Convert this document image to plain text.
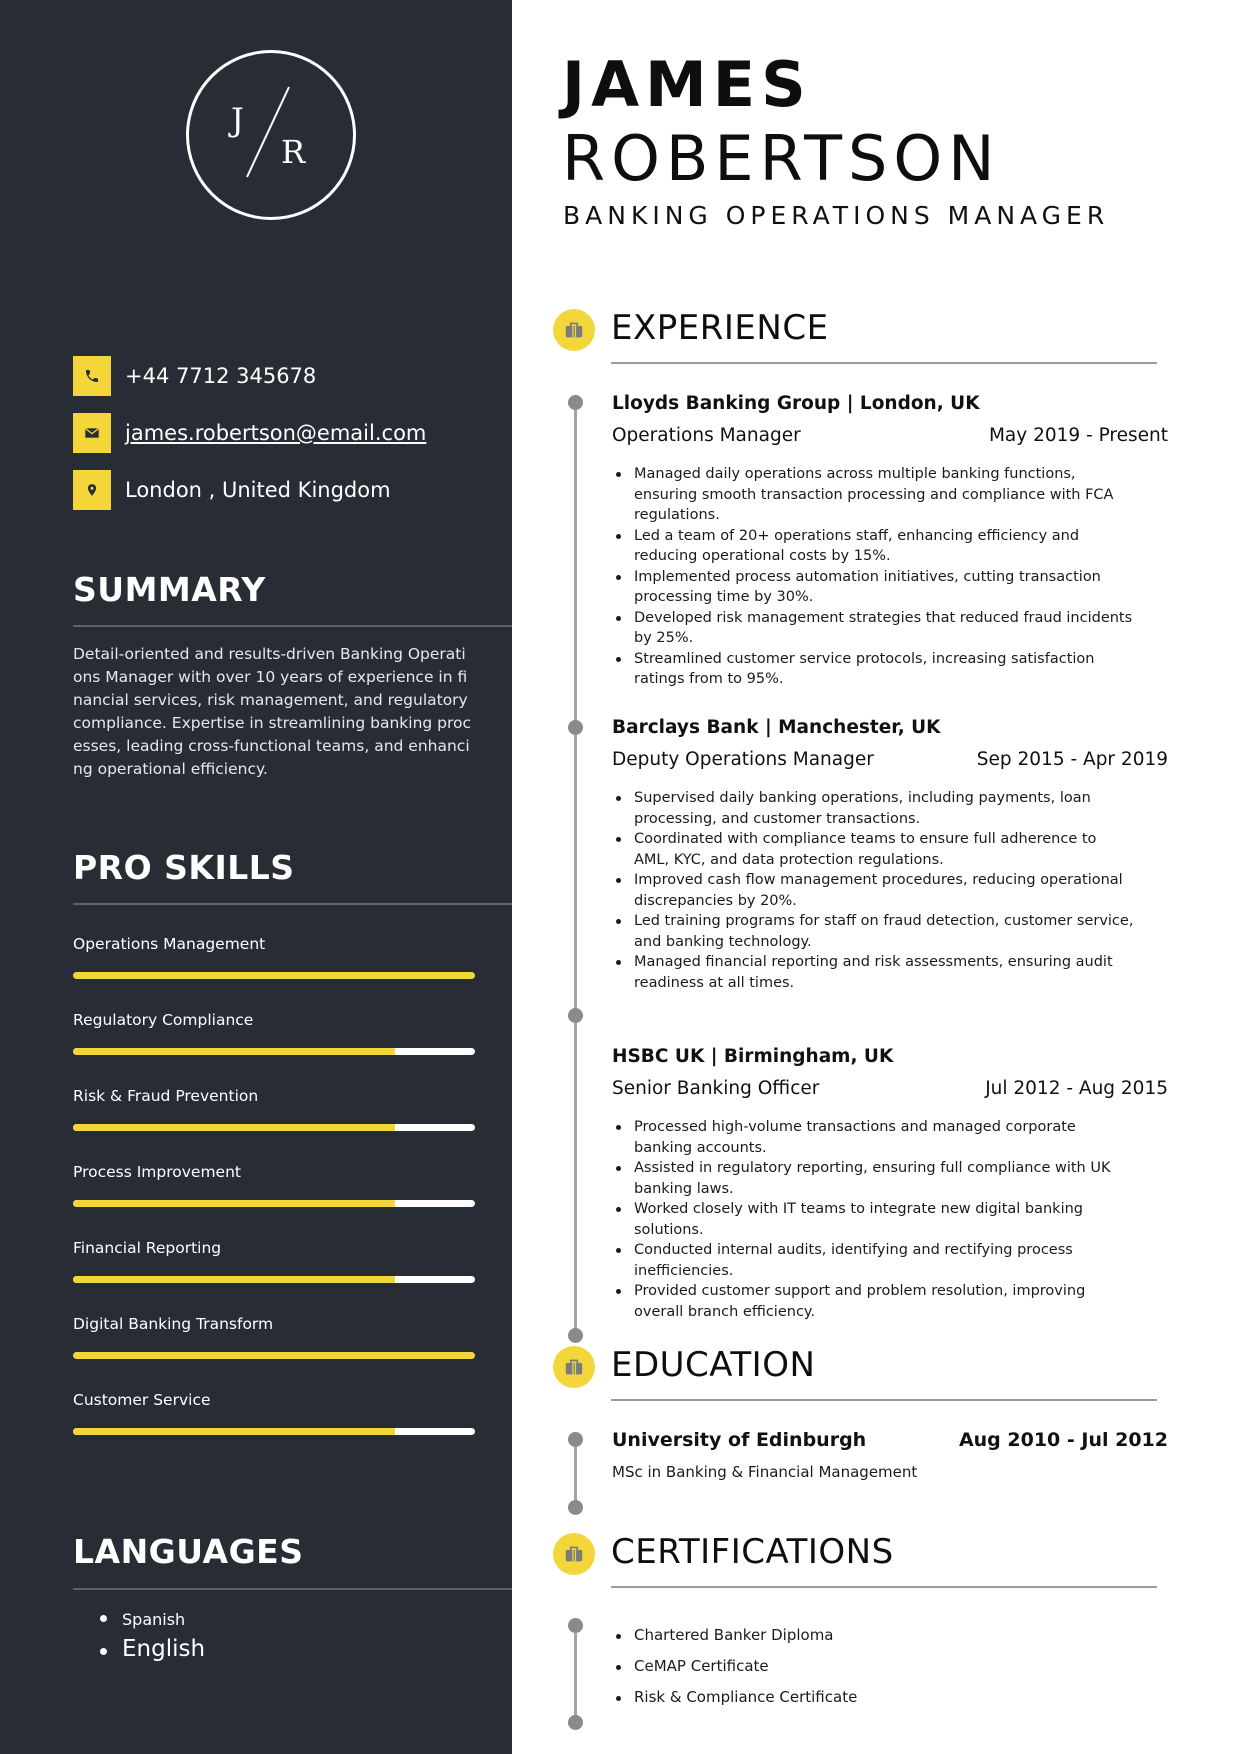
J
R
+44 7712 345678
james.robertson@email.com
London , United Kingdom
SUMMARY
Detail-oriented and results-driven Banking Operations Manager with over 10 years of experience in financial services, risk management, and regulatory compliance. Expertise in streamlining banking processes, leading cross-functional teams, and enhancing operational efficiency.
PRO SKILLS
Operations Management
Regulatory Compliance
Risk & Fraud Prevention
Process Improvement
Financial Reporting
Digital Banking Transform
Customer Service
LANGUAGES
Spanish
English
JAMES
ROBERTSON
BANKING OPERATIONS MANAGER
EXPERIENCE
Lloyds Banking Group | London, UK
Operations Manager	May 2019 - Present
Managed daily operations across multiple banking functions, ensuring smooth transaction processing and compliance with FCA regulations.
Led a team of 20+ operations staff, enhancing efficiency and reducing operational costs by 15%.
Implemented process automation initiatives, cutting transaction processing time by 30%.
Developed risk management strategies that reduced fraud incidents by 25%.
Streamlined customer service protocols, increasing satisfaction ratings from to 95%.
Barclays Bank | Manchester, UK
Deputy Operations Manager	Sep 2015 - Apr 2019
Supervised daily banking operations, including payments, loan processing, and customer transactions.
Coordinated with compliance teams to ensure full adherence to AML, KYC, and data protection regulations.
Improved cash flow management procedures, reducing operational discrepancies by 20%.
Led training programs for staff on fraud detection, customer service, and banking technology.
Managed financial reporting and risk assessments, ensuring audit readiness at all times.
HSBC UK | Birmingham, UK
Senior Banking Officer	Jul 2012 - Aug 2015
Processed high-volume transactions and managed corporate banking accounts.
Assisted in regulatory reporting, ensuring full compliance with UK banking laws.
Worked closely with IT teams to integrate new digital banking solutions.
Conducted internal audits, identifying and rectifying process inefficiencies.
Provided customer support and problem resolution, improving overall branch efficiency.
EDUCATION
University of Edinburgh	Aug 2010 - Jul 2012
MSc in Banking & Financial Management
CERTIFICATIONS
Chartered Banker Diploma
CeMAP Certificate
Risk & Compliance Certificate
